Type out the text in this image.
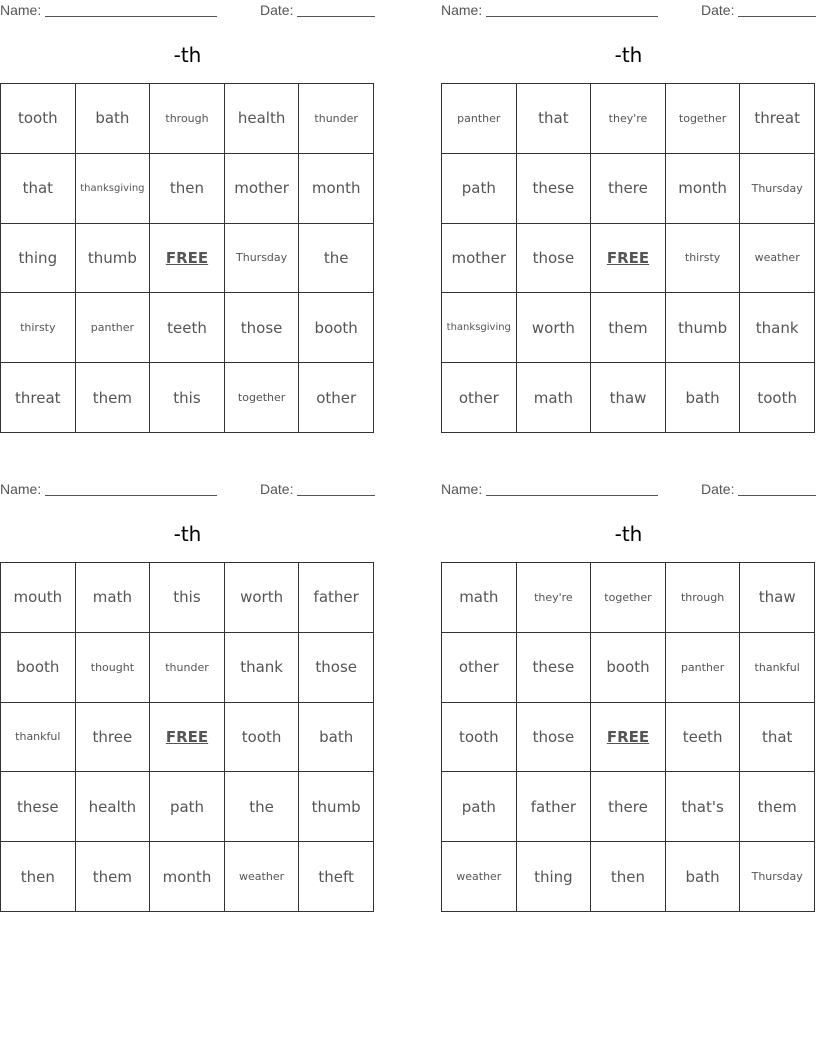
Name:	Date:
-th
tooth	bath	through	health	thunder
that	thanksgiving	then	mother	month
thing	thumb	FREE	Thursday	the
thirsty	panther	teeth	those	booth
threat	them	this	together	other
Name:	Date:
-th
panther	that	they're	together	threat
path	these	there	month	Thursday
mother	those	FREE	thirsty	weather
thanksgiving	worth	them	thumb	thank
other	math	thaw	bath	tooth
Name:	Date:
-th
mouth	math	this	worth	father
booth	thought	thunder	thank	those
thankful	three	FREE	tooth	bath
these	health	path	the	thumb
then	them	month	weather	theft
Name:	Date:
-th
math	they're	together	through	thaw
other	these	booth	panther	thankful
tooth	those	FREE	teeth	that
path	father	there	that's	them
weather	thing	then	bath	Thursday
